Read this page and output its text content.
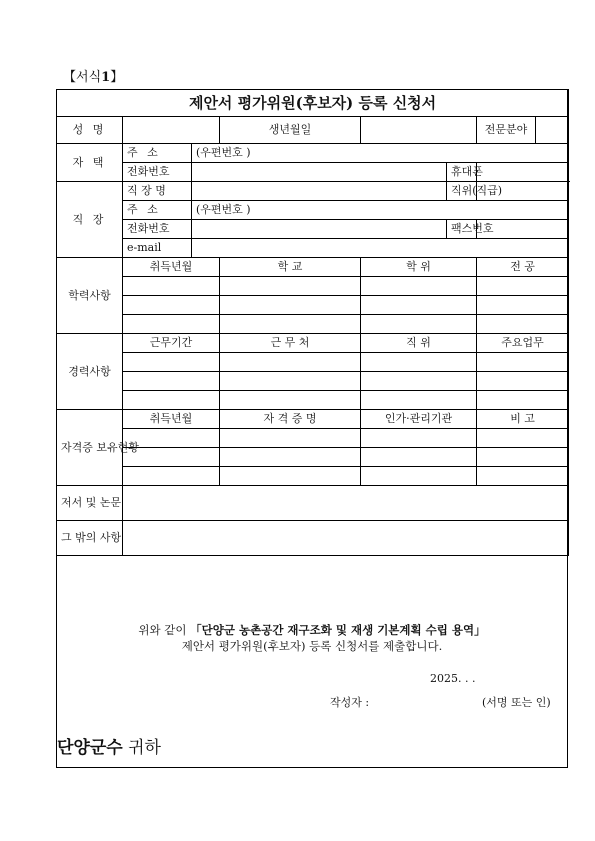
【서식1】
제안서 평가위원(후보자) 등록 신청서							
성 명			생년월일			전문분야	
자 택	주 소	(우편번호 )					
	전화번호				휴대폰		
직 장	직 장 명				직위(직급)		
	주 소	(우편번호 )					
	전화번호				팩스번호		
	e-mail						
학력사항	취득년월		학 교	학 위		전 공	

경력사항	근무기간		근 무 처	직 위		주요업무	

자격증 보유현황	취득년월		자 격 증 명	인가·관리기관		비 고	

저서 및 논문							
그 밖의 사항							
위와 같이 「단양군 농촌공간 재구조화 및 재생 기본계획 수립 용역」
제안서 평가위원(후보자) 등록 신청서를 제출합니다.
2025. . .
작성자 :	(서명 또는 인)
단양군수 귀하
